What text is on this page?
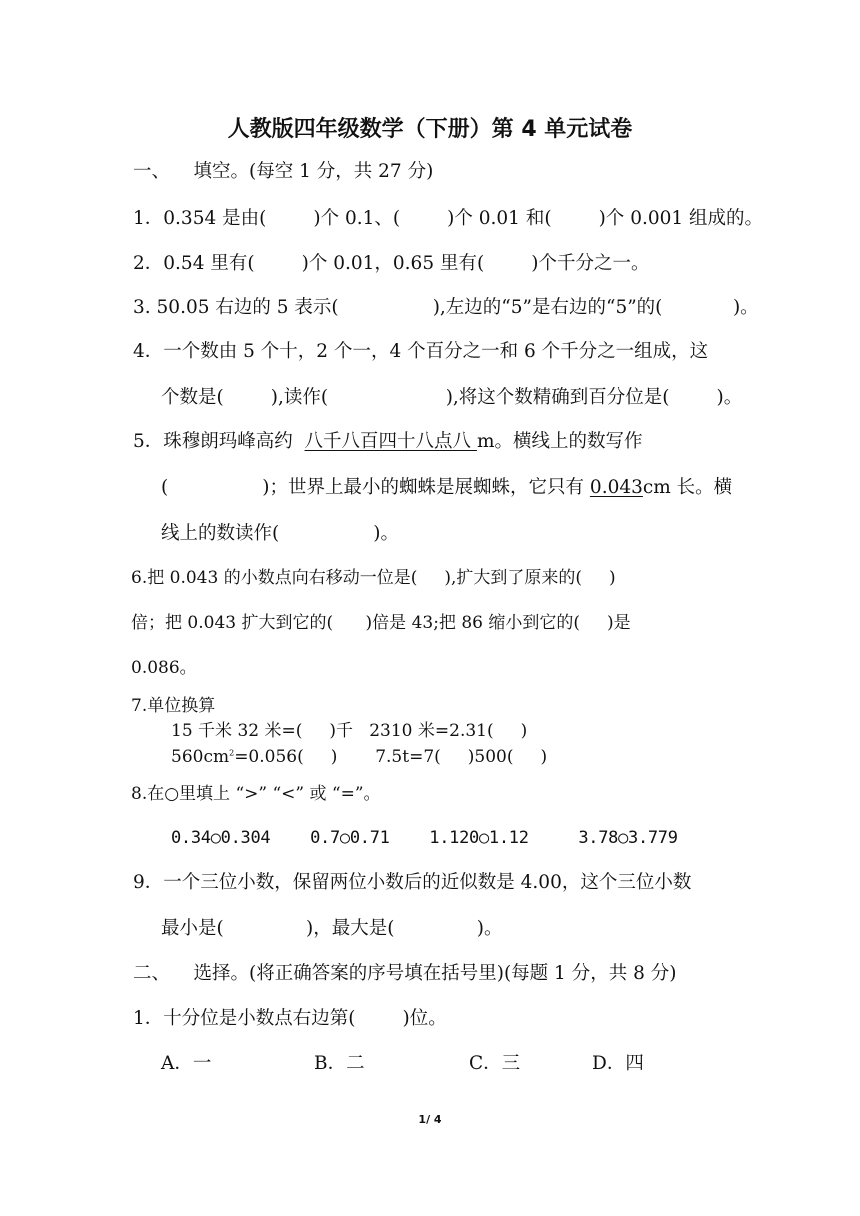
人教版四年级数学（下册）第 4 单元试卷
一、    填空。(每空 1 分，共 27 分)
1．0.354 是由(        )个 0.1、(        )个 0.01 和(        )个 0.001 组成的。
2．0.54 里有(        )个 0.01，0.65 里有(        )个千分之一。
3. 50.05 右边的 5 表示(                ),左边的“5”是右边的“5”的(            )。
4．一个数由 5 个十，2 个一，4 个百分之一和 6 个千分之一组成，这
个数是(        ),读作(                    ),将这个数精确到百分位是(        )。
5．珠穆朗玛峰高约  八千八百四十八点八 m。横线上的数写作
(                )；世界上最小的蜘蛛是展蜘蛛，它只有 0.043cm 长。横
线上的数读作(                )。
6.把 0.043 的小数点向右移动一位是(     ),扩大到了原来的(     )
倍；把 0.043 扩大到它的(      )倍是 43;把 86 缩小到它的(     )是
0.086。
7.单位换算
15 千米 32 米=(     )千   2310 米=2.31(     )
$560cm^2=0.056$(     )       7.5t=7(     )500(     )
8.在○里填上 “>” “<” 或 “=”。
0.34○0.304    0.7○0.71    1.120○1.12     3.78○3.779
9．一个三位小数，保留两位小数后的近似数是 4.00，这个三位小数
最小是(              )，最大是(              )。
二、    选择。(将正确答案的序号填在括号里)(每题 1 分，共 8 分)
1．十分位是小数点右边第(        )位。
A．一	B．二	C．三	D．四
1/ 4
